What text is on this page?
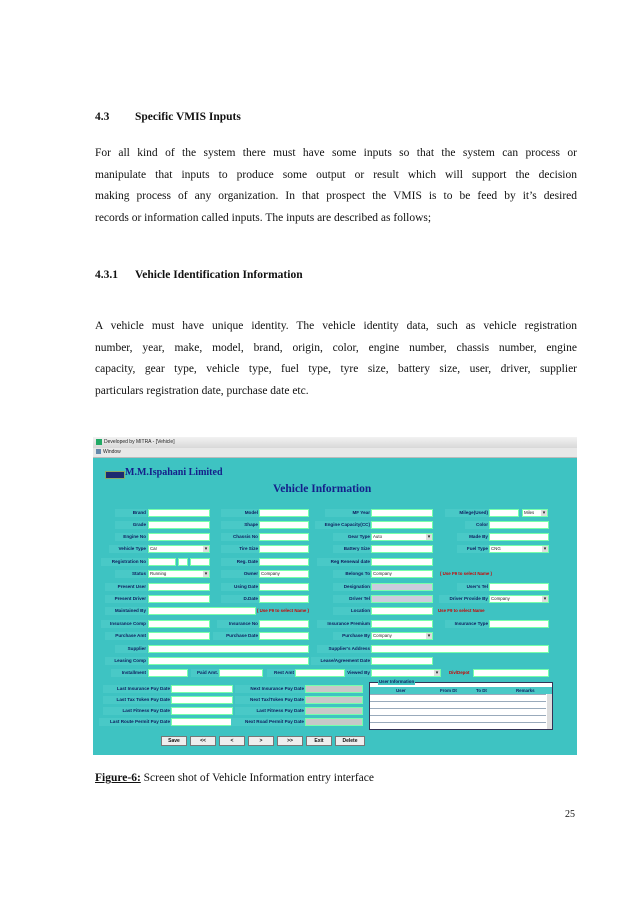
4.3 Specific VMIS Inputs
For all kind of the system there must have some inputs so that the system can process or
manipulate that inputs to produce some output or result which will support the decision
making process of any organization. In that prospect the VMIS is to be feed by it’s desired
records or information called inputs. The inputs are described as follows;
4.3.1 Vehicle Identification Information
A vehicle must have unique identity. The vehicle identity data, such as vehicle registration
number, year, make, model, brand, origin, color, engine number, chassis number, engine
capacity, gear type, vehicle type, fuel type, tyre size, battery size, user, driver, supplier
particulars registration date, purchase date etc.
Developed by MITRA - [Vehicle]
Window
M.M.Ispahani Limited
Vehicle Information
Brand	Model	MF Year	Milege(Used)	Miles ▾
Grade	Shape	Engine Capacity(CC)	Color
Engine No	Chassis No	Gear Type Auto ▾	Made By
Vehicle Type Car ▾	Tire Size	Battery Size	Fuel Type CNG ▾
Registration No	Reg. Date	Reg Renewal date
Status Running ▾	Owner Company	Belongs To Company	( Use F9 to select Name )
Present User	Using Date	Designation	User's Tel
Present Driver	D.Date	Driver Tel	Driver Provide By Company ▾
Maintained By	( Use F9 to select Name )	Location	Use F9 to select Name
Insurance Comp	Insurance No	Insurance Premium	Insurance Type
Purchase Amt	Purchase Date	Purchase By Company ▾
Supplier	Supplier's Address
Leasing Comp	Lease/Agreement Date
Installment	Paid Amt.	Rest Amt	Viewed By ▾	Div/Depot
Last Insurance Pay Date	Next Insurance Pay Date
Last Tax Token Pay Date	Next Tax/Token Pay Date
Last Fitness Pay Date	Last Fitness Pay Date
Last Route Permit Pay Date	Next Road Permit Pay Date
User Information
User	From Dt	To Dt	Remarks
Save	<<	<	>	>>	Exit	Delete
Figure-6: Screen shot of Vehicle Information entry interface
25
